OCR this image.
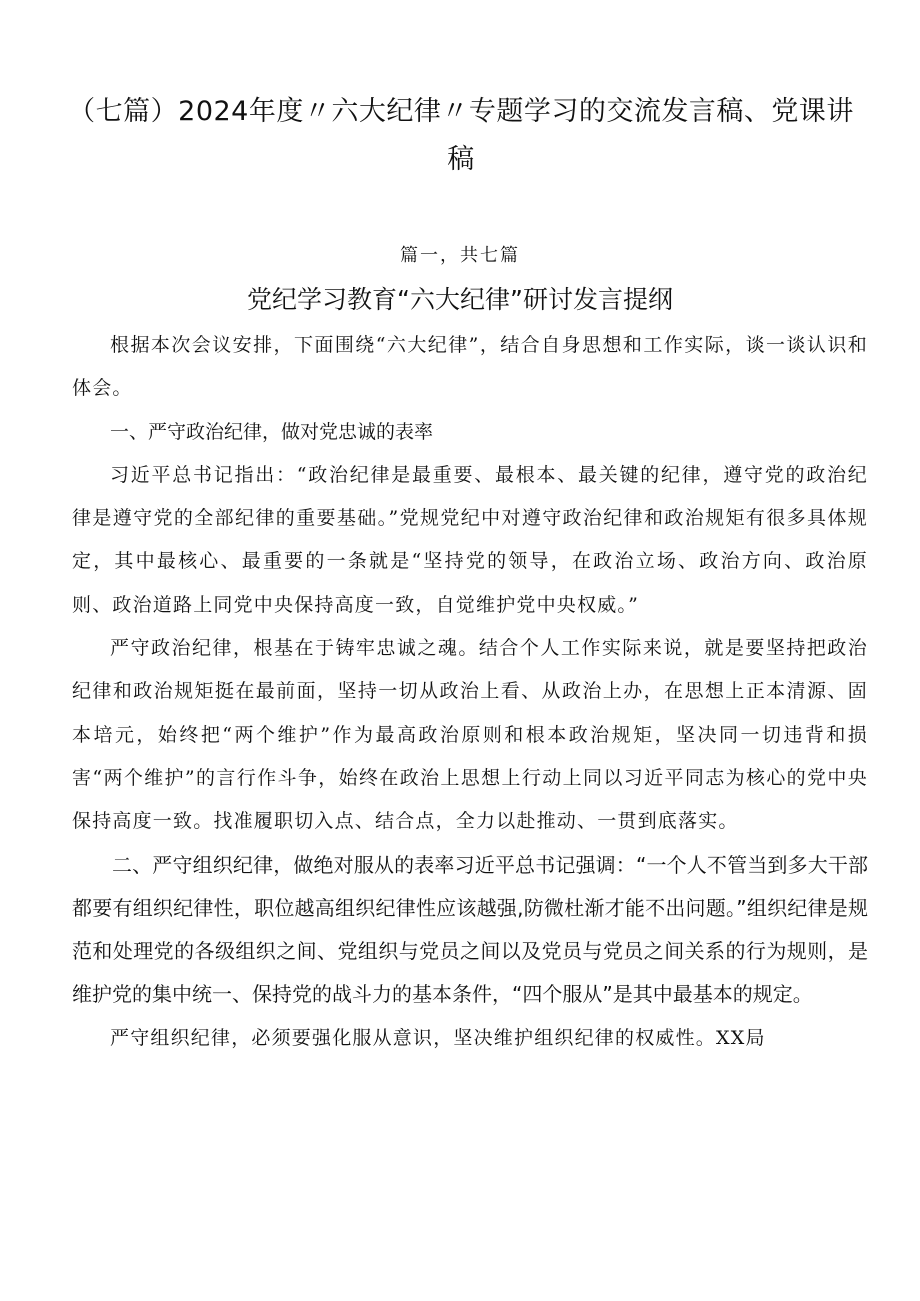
（七篇）2024年度〃六大纪律〃专题学习的交流发言稿、党课讲稿
篇一，共七篇
党纪学习教育“六大纪律”研讨发言提纲

根据本次会议安排，下面围绕“六大纪律”，结合自身思想和工作实际，谈一谈认识和体会。

一、严守政治纪律，做对党忠诚的表率

习近平总书记指出：“政治纪律是最重要、最根本、最关键的纪律，遵守党的政治纪律是遵守党的全部纪律的重要基础。”党规党纪中对遵守政治纪律和政治规矩有很多具体规定，其中最核心、最重要的一条就是“坚持党的领导，在政治立场、政治方向、政治原则、政治道路上同党中央保持高度一致，自觉维护党中央权威。”

严守政治纪律，根基在于铸牢忠诚之魂。结合个人工作实际来说，就是要坚持把政治纪律和政治规矩挺在最前面，坚持一切从政治上看、从政治上办，在思想上正本清源、固本培元，始终把“两个维护”作为最高政治原则和根本政治规矩，坚决同一切违背和损害“两个维护”的言行作斗争，始终在政治上思想上行动上同以习近平同志为核心的党中央保持高度一致。找准履职切入点、结合点，全力以赴推动、一贯到底落实。

二、严守组织纪律，做绝对服从的表率习近平总书记强调：“一个人不管当到多大干部都要有组织纪律性，职位越高组织纪律性应该越强,防微杜渐才能不出问题。”组织纪律是规范和处理党的各级组织之间、党组织与党员之间以及党员与党员之间关系的行为规则，是维护党的集中统一、保持党的战斗力的基本条件，“四个服从”是其中最基本的规定。

严守组织纪律，必须要强化服从意识，坚决维护组织纪律的权威性。XX局
